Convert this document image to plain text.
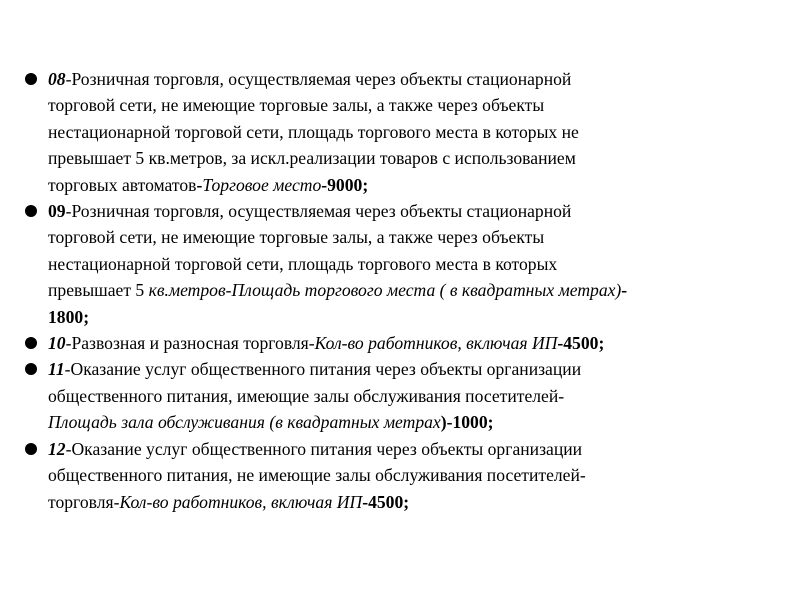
08-Розничная торговля, осуществляемая через объекты стационарной
торговой сети, не имеющие торговые залы, а также через объекты
нестационарной торговой сети, площадь торгового места в которых не
превышает 5 кв.метров, за искл.реализации товаров с использованием
торговых автоматов-Торговое место-9000;
09-Розничная торговля, осуществляемая через объекты стационарной
торговой сети, не имеющие торговые залы, а также через объекты
нестационарной торговой сети, площадь торгового места в которых
превышает 5 кв.метров-Площадь торгового места ( в квадратных метрах)-
1800;
10-Развозная и разносная торговля-Кол-во работников, включая ИП-4500;
11-Оказание услуг общественного питания через объекты организации
общественного питания, имеющие залы обслуживания посетителей-
Площадь зала обслуживания (в квадратных метрах)-1000;
12-Оказание услуг общественного питания через объекты организации
общественного питания, не имеющие залы обслуживания посетителей-
торговля-Кол-во работников, включая ИП-4500;
